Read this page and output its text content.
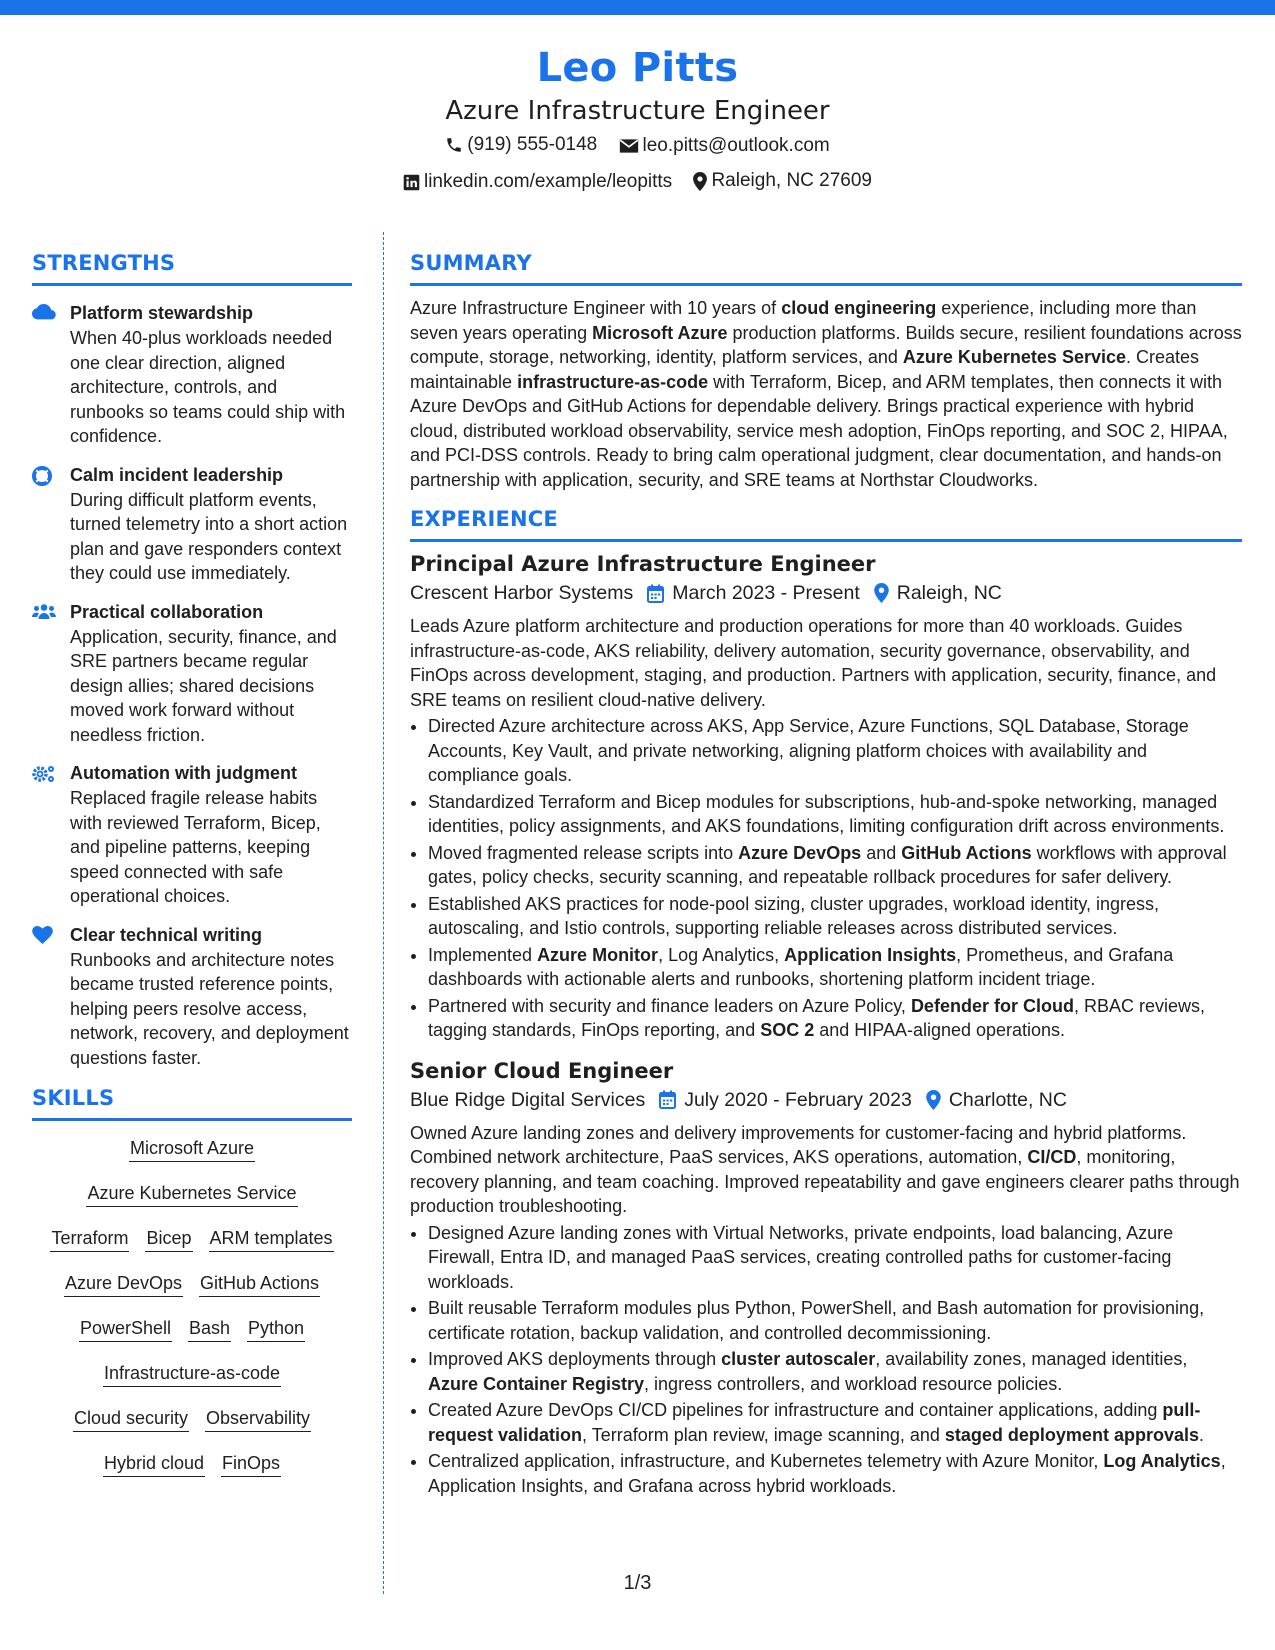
Leo Pitts
Azure Infrastructure Engineer
(919) 555-0148
leo.pitts@outlook.com
linkedin.com/example/leopitts
Raleigh, NC 27609
STRENGTHS
Platform stewardship
When 40-plus workloads needed one clear direction, aligned architecture, controls, and runbooks so teams could ship with confidence.
Calm incident leadership
During difficult platform events, turned telemetry into a short action plan and gave responders context they could use immediately.
Practical collaboration
Application, security, finance, and SRE partners became regular design allies; shared decisions moved work forward without needless friction.
Automation with judgment
Replaced fragile release habits with reviewed Terraform, Bicep, and pipeline patterns, keeping speed connected with safe operational choices.
Clear technical writing
Runbooks and architecture notes became trusted reference points, helping peers resolve access, network, recovery, and deployment questions faster.
SKILLS
Microsoft Azure
Azure Kubernetes Service
Terraform Bicep ARM templates
Azure DevOps GitHub Actions
PowerShell Bash Python
Infrastructure-as-code
Cloud security Observability
Hybrid cloud FinOps
SUMMARY
Azure Infrastructure Engineer with 10 years of cloud engineering experience, including more than seven years operating Microsoft Azure production platforms. Builds secure, resilient foundations across compute, storage, networking, identity, platform services, and Azure Kubernetes Service. Creates maintainable infrastructure-as-code with Terraform, Bicep, and ARM templates, then connects it with Azure DevOps and GitHub Actions for dependable delivery. Brings practical experience with hybrid cloud, distributed workload observability, service mesh adoption, FinOps reporting, and SOC 2, HIPAA, and PCI-DSS controls. Ready to bring calm operational judgment, clear documentation, and hands-on partnership with application, security, and SRE teams at Northstar Cloudworks.
EXPERIENCE
Principal Azure Infrastructure Engineer
Crescent Harbor Systems March 2023 - Present Raleigh, NC
Leads Azure platform architecture and production operations for more than 40 workloads. Guides infrastructure-as-code, AKS reliability, delivery automation, security governance, observability, and FinOps across development, staging, and production. Partners with application, security, finance, and SRE teams on resilient cloud-native delivery.
• Directed Azure architecture across AKS, App Service, Azure Functions, SQL Database, Storage Accounts, Key Vault, and private networking, aligning platform choices with availability and compliance goals.
• Standardized Terraform and Bicep modules for subscriptions, hub-and-spoke networking, managed identities, policy assignments, and AKS foundations, limiting configuration drift across environments.
• Moved fragmented release scripts into Azure DevOps and GitHub Actions workflows with approval gates, policy checks, security scanning, and repeatable rollback procedures for safer delivery.
• Established AKS practices for node-pool sizing, cluster upgrades, workload identity, ingress, autoscaling, and Istio controls, supporting reliable releases across distributed services.
• Implemented Azure Monitor, Log Analytics, Application Insights, Prometheus, and Grafana dashboards with actionable alerts and runbooks, shortening platform incident triage.
• Partnered with security and finance leaders on Azure Policy, Defender for Cloud, RBAC reviews, tagging standards, FinOps reporting, and SOC 2 and HIPAA-aligned operations.
Senior Cloud Engineer
Blue Ridge Digital Services July 2020 - February 2023 Charlotte, NC
Owned Azure landing zones and delivery improvements for customer-facing and hybrid platforms. Combined network architecture, PaaS services, AKS operations, automation, CI/CD, monitoring, recovery planning, and team coaching. Improved repeatability and gave engineers clearer paths through production troubleshooting.
• Designed Azure landing zones with Virtual Networks, private endpoints, load balancing, Azure Firewall, Entra ID, and managed PaaS services, creating controlled paths for customer-facing workloads.
• Built reusable Terraform modules plus Python, PowerShell, and Bash automation for provisioning, certificate rotation, backup validation, and controlled decommissioning.
• Improved AKS deployments through cluster autoscaler, availability zones, managed identities, Azure Container Registry, ingress controllers, and workload resource policies.
• Created Azure DevOps CI/CD pipelines for infrastructure and container applications, adding pull-request validation, Terraform plan review, image scanning, and staged deployment approvals.
• Centralized application, infrastructure, and Kubernetes telemetry with Azure Monitor, Log Analytics, Application Insights, and Grafana across hybrid workloads.
1/3
